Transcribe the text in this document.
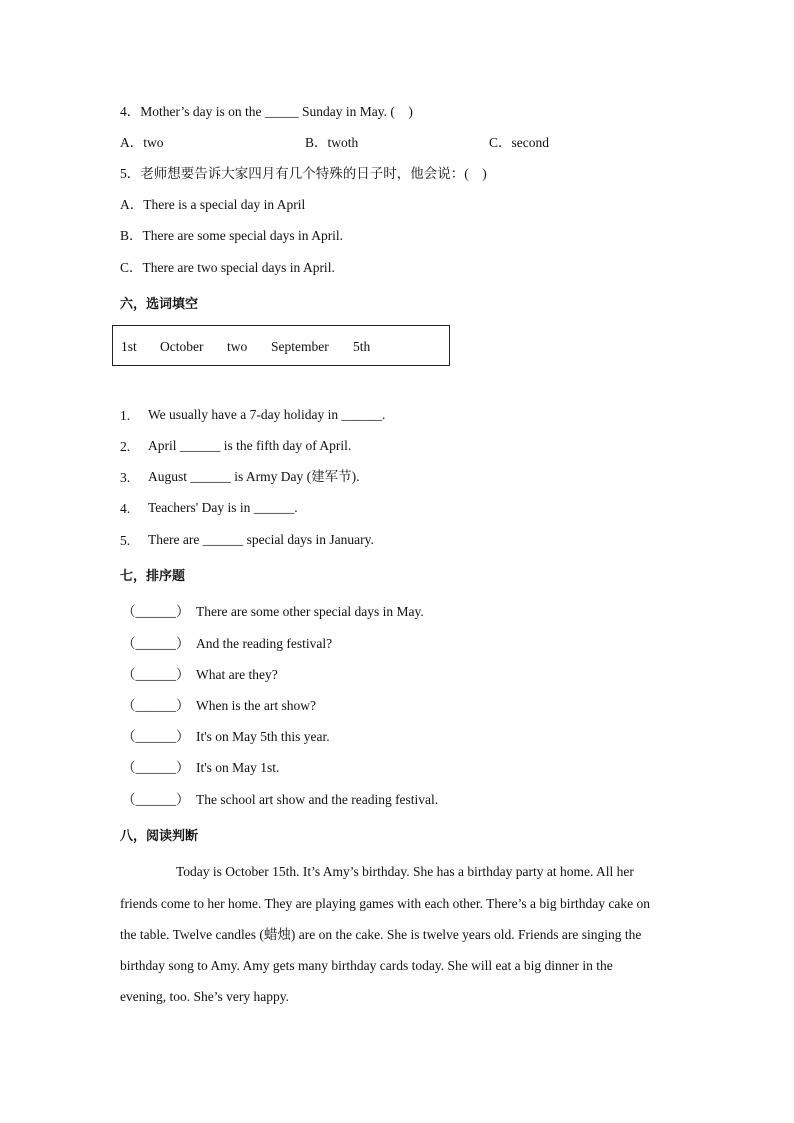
4．Mother’s day is on the _____ Sunday in May. (　)
A．two	B．twoth	C．second
5．老师想要告诉大家四月有几个特殊的日子时，他会说：(　)
A．There is a special day in April
B．There are some special days in April.
C．There are two special days in April.
六，选词填空
1st October two September 5th
1. We usually have a 7-day holiday in ______.
2. April ______ is the fifth day of April.
3. August ______ is Army Day (建军节).
4. Teachers' Day is in ______.
5. There are ______ special days in January.
七，排序题
（______） There are some other special days in May.
（______） And the reading festival?
（______） What are they?
（______） When is the art show?
（______） It's on May 5th this year.
（______） It's on May 1st.
（______） The school art show and the reading festival.
八，阅读判断
Today is October 15th. It’s Amy’s birthday. She has a birthday party at home. All her
friends come to her home. They are playing games with each other. There’s a big birthday cake on
the table. Twelve candles (蜡烛) are on the cake. She is twelve years old. Friends are singing the
birthday song to Amy. Amy gets many birthday cards today. She will eat a big dinner in the
evening, too. She’s very happy.
